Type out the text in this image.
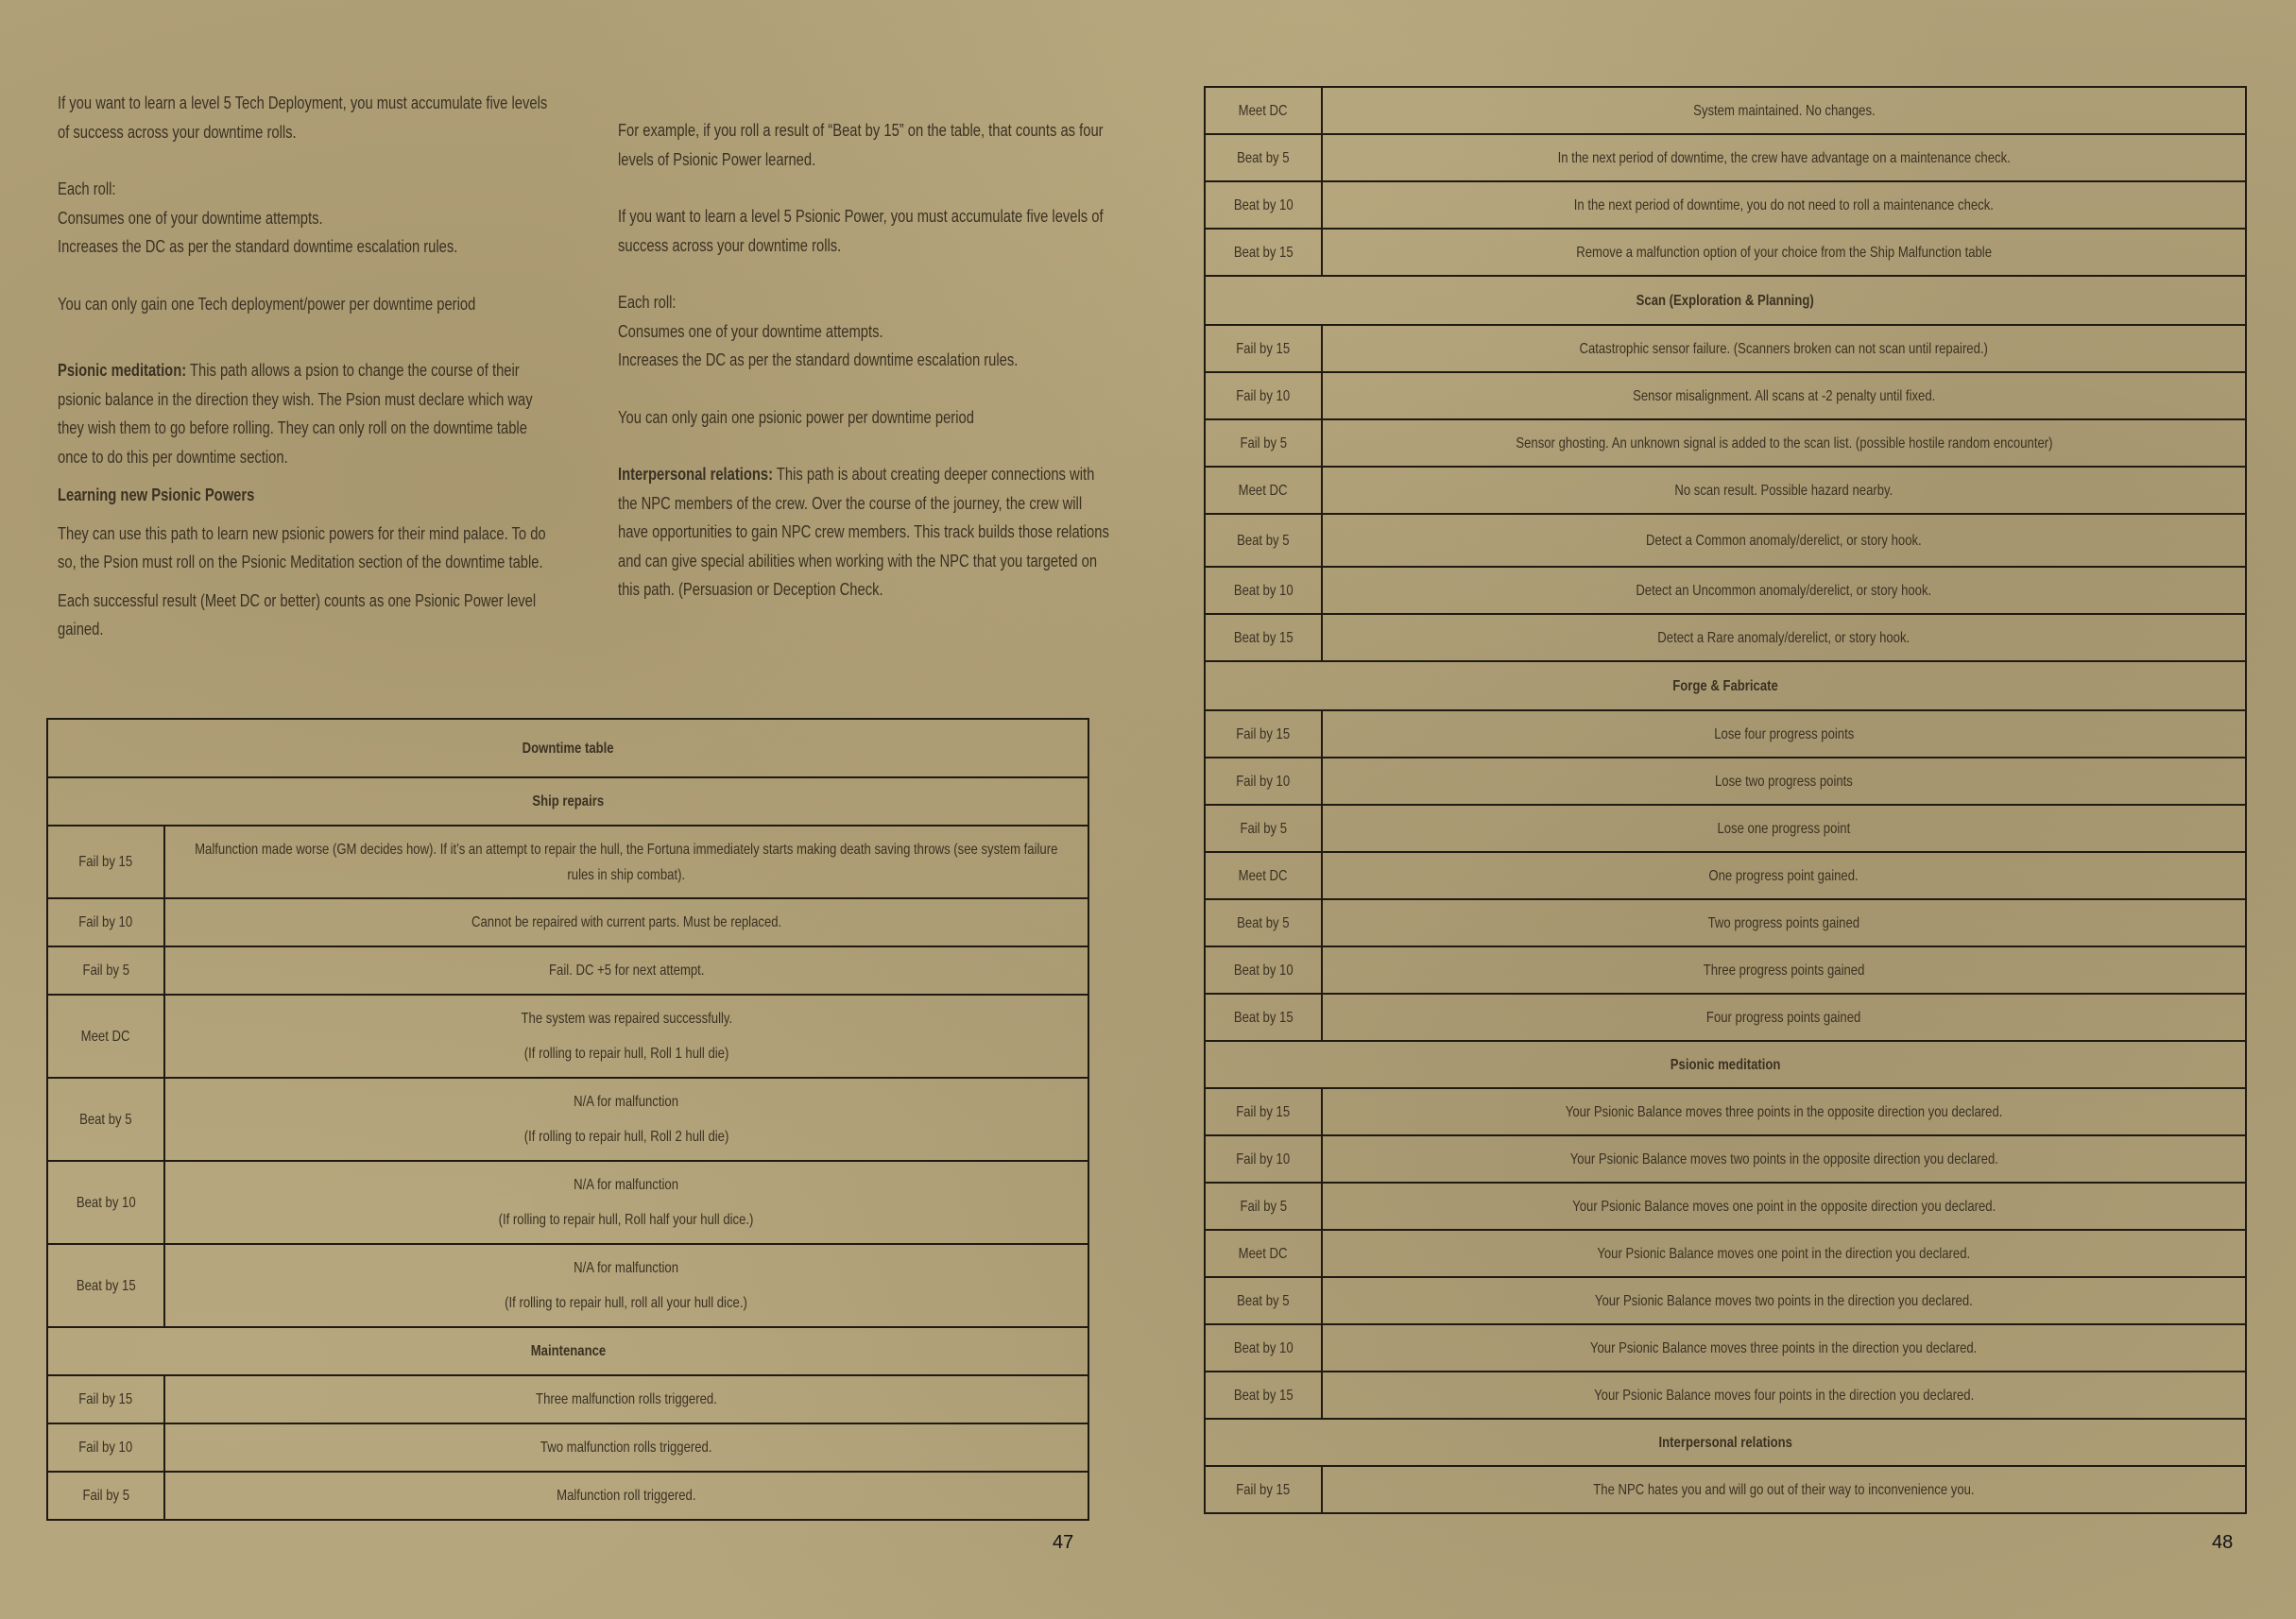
If you want to learn a level 5 Tech Deployment, you must accumulate five levels of success across your downtime rolls.

Each roll:
Consumes one of your downtime attempts.
Increases the DC as per the standard downtime escalation rules.

You can only gain one Tech deployment/power per downtime period

Psionic meditation: This path allows a psion to change the course of their psionic balance in the direction they wish. The Psion must declare which way they wish them to go before rolling. They can only roll on the downtime table once to do this per downtime section.

Learning new Psionic Powers

They can use this path to learn new psionic powers for their mind palace. To do so, the Psion must roll on the Psionic Meditation section of the downtime table.

Each successful result (Meet DC or better) counts as one Psionic Power level gained.

For example, if you roll a result of “Beat by 15” on the table, that counts as four levels of Psionic Power learned.

If you want to learn a level 5 Psionic Power, you must accumulate five levels of success across your downtime rolls.

Each roll:
Consumes one of your downtime attempts.
Increases the DC as per the standard downtime escalation rules.

You can only gain one psionic power per downtime period

Interpersonal relations: This path is about creating deeper connections with the NPC members of the crew. Over the course of the journey, the crew will have opportunities to gain NPC crew members. This track builds those relations and can give special abilities when working with the NPC that you targeted on this path. (Persuasion or Deception Check.

Downtime table	
Ship repairs	
Fail by 15	Malfunction made worse (GM decides how). If it's an attempt to repair the hull, the Fortuna immediately starts making death saving throws (see system failure rules in ship combat).
Fail by 10	Cannot be repaired with current parts. Must be replaced.
Fail by 5	Fail. DC +5 for next attempt.
Meet DC	The system was repaired successfully.
(If rolling to repair hull, Roll 1 hull die)
Beat by 5	N/A for malfunction
(If rolling to repair hull, Roll 2 hull die)
Beat by 10	N/A for malfunction
(If rolling to repair hull, Roll half your hull dice.)
Beat by 15	N/A for malfunction
(If rolling to repair hull, roll all your hull dice.)
Maintenance	
Fail by 15	Three malfunction rolls triggered.
Fail by 10	Two malfunction rolls triggered.
Fail by 5	Malfunction roll triggered.
47
Meet DC	System maintained. No changes.
Beat by 5	In the next period of downtime, the crew have advantage on a maintenance check.
Beat by 10	In the next period of downtime, you do not need to roll a maintenance check.
Beat by 15	Remove a malfunction option of your choice from the Ship Malfunction table
Scan (Exploration & Planning)	
Fail by 15	Catastrophic sensor failure. (Scanners broken can not scan until repaired.)
Fail by 10	Sensor misalignment. All scans at -2 penalty until fixed.
Fail by 5	Sensor ghosting. An unknown signal is added to the scan list. (possible hostile random encounter)
Meet DC	No scan result. Possible hazard nearby.
Beat by 5	Detect a Common anomaly/derelict, or story hook.
Beat by 10	Detect an Uncommon anomaly/derelict, or story hook.
Beat by 15	Detect a Rare anomaly/derelict, or story hook.
Forge & Fabricate	
Fail by 15	Lose four progress points
Fail by 10	Lose two progress points
Fail by 5	Lose one progress point
Meet DC	One progress point gained.
Beat by 5	Two progress points gained
Beat by 10	Three progress points gained
Beat by 15	Four progress points gained
Psionic meditation	
Fail by 15	Your Psionic Balance moves three points in the opposite direction you declared.
Fail by 10	Your Psionic Balance moves two points in the opposite direction you declared.
Fail by 5	Your Psionic Balance moves one point in the opposite direction you declared.
Meet DC	Your Psionic Balance moves one point in the direction you declared.
Beat by 5	Your Psionic Balance moves two points in the direction you declared.
Beat by 10	Your Psionic Balance moves three points in the direction you declared.
Beat by 15	Your Psionic Balance moves four points in the direction you declared.
Interpersonal relations	
Fail by 15	The NPC hates you and will go out of their way to inconvenience you.
48
